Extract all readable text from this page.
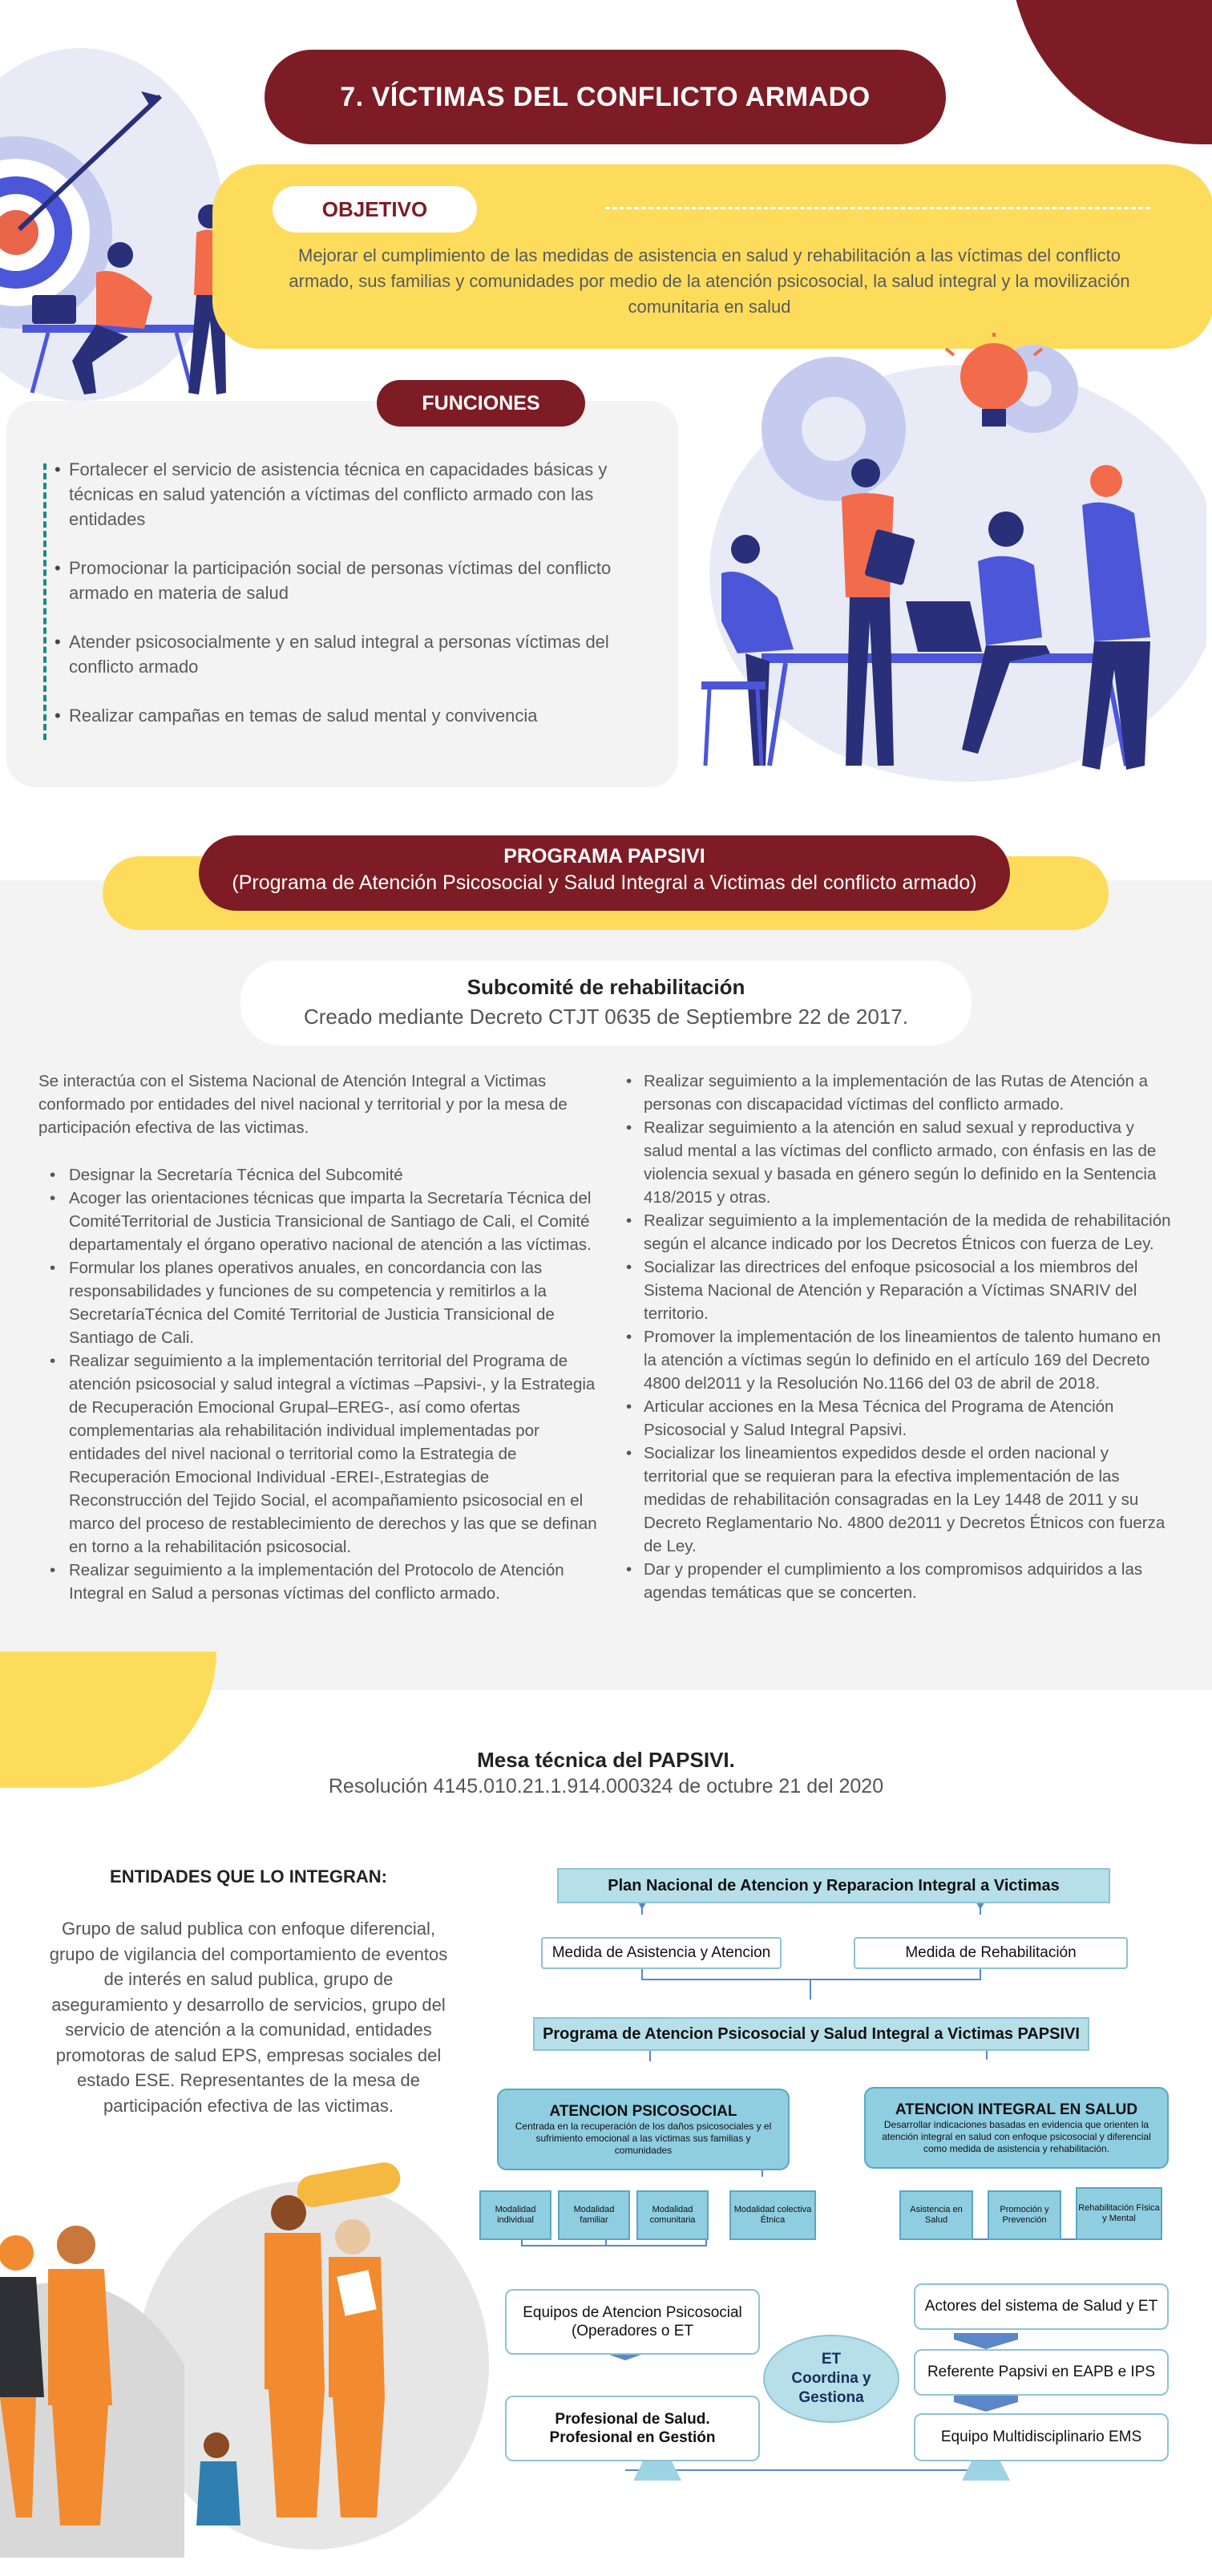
7. VÍCTIMAS DEL CONFLICTO ARMADO
OBJETIVO
Mejorar el cumplimiento de las medidas de asistencia en salud y rehabilitación a las víctimas del conflicto armado, sus familias y comunidades por medio de la atención psicosocial, la salud integral y la movilización comunitaria en salud
FUNCIONES
• Fortalecer el servicio de asistencia técnica en capacidades básicas y técnicas en salud yatención a víctimas del conflicto armado con las entidades
• Promocionar la participación social de personas víctimas del conflicto armado en materia de salud
• Atender psicosocialmente y en salud integral a personas víctimas del conflicto armado
• Realizar campañas en temas de salud mental y convivencia
PROGRAMA PAPSIVI
(Programa de Atención Psicosocial y Salud Integral a Victimas del conflicto armado)
Subcomité de rehabilitación
Creado mediante Decreto CTJT 0635 de Septiembre 22 de 2017.

Se interactúa con el Sistema Nacional de Atención Integral a Victimas conformado por entidades del nivel nacional y territorial y por la mesa de participación efectiva de las victimas.

• Designar la Secretaría Técnica del Subcomité
• Acoger las orientaciones técnicas que imparta la Secretaría Técnica del ComitéTerritorial de Justicia Transicional de Santiago de Cali, el Comité departamentaly el órgano operativo nacional de atención a las víctimas.
• Formular los planes operativos anuales, en concordancia con las responsabilidades y funciones de su competencia y remitirlos a la SecretaríaTécnica del Comité Territorial de Justicia Transicional de Santiago de Cali.
• Realizar seguimiento a la implementación territorial del Programa de atención psicosocial y salud integral a víctimas –Papsivi-, y la Estrategia de Recuperación Emocional Grupal–EREG-, así como ofertas complementarias ala rehabilitación individual implementadas por entidades del nivel nacional o territorial como la Estrategia de Recuperación Emocional Individual -EREI-,Estrategias de Reconstrucción del Tejido Social, el acompañamiento psicosocial en el marco del proceso de restablecimiento de derechos y las que se definan en torno a la rehabilitación psicosocial.
• Realizar seguimiento a la implementación del Protocolo de Atención Integral en Salud a personas víctimas del conflicto armado.
• Realizar seguimiento a la implementación de las Rutas de Atención a personas con discapacidad víctimas del conflicto armado.
• Realizar seguimiento a la atención en salud sexual y reproductiva y salud mental a las víctimas del conflicto armado, con énfasis en las de violencia sexual y basada en género según lo definido en la Sentencia 418/2015 y otras.
• Realizar seguimiento a la implementación de la medida de rehabilitación según el alcance indicado por los Decretos Étnicos con fuerza de Ley.
• Socializar las directrices del enfoque psicosocial a los miembros del Sistema Nacional de Atención y Reparación a Víctimas SNARIV del territorio.
• Promover la implementación de los lineamientos de talento humano en la atención a víctimas según lo definido en el artículo 169 del Decreto 4800 del2011 y la Resolución No.1166 del 03 de abril de 2018.
• Articular acciones en la Mesa Técnica del Programa de Atención Psicosocial y Salud Integral Papsivi.
• Socializar los lineamientos expedidos desde el orden nacional y territorial que se requieran para la efectiva implementación de las medidas de rehabilitación consagradas en la Ley 1448 de 2011 y su Decreto Reglamentario No. 4800 de2011 y Decretos Étnicos con fuerza de Ley.
• Dar y propender el cumplimiento a los compromisos adquiridos a las agendas temáticas que se concerten.
Mesa técnica del PAPSIVI.
Resolución 4145.010.21.1.914.000324 de octubre 21 del 2020
ENTIDADES QUE LO INTEGRAN:
Grupo de salud publica con enfoque diferencial, grupo de vigilancia del comportamiento de eventos de interés en salud publica, grupo de aseguramiento y desarrollo de servicios, grupo del servicio de atención a la comunidad, entidades promotoras de salud EPS, empresas sociales del estado ESE. Representantes de la mesa de participación efectiva de las victimas.
Plan Nacional de Atencion y Reparacion Integral a Victimas
Medida de Asistencia y Atencion	Medida de Rehabilitación
Programa de Atencion Psicosocial y Salud Integral a Victimas PAPSIVI
ATENCION PSICOSOCIAL
Centrada en la recuperación de los daños psicosociales y el sufrimiento emocional a las víctimas sus familias y comunidades
ATENCION INTEGRAL EN SALUD
Desarrollar indicaciones basadas en evidencia que orienten la atención integral en salud con enfoque psicosocial y diferencial como medida de asistencia y rehabilitación.
Modalidad individual
Modalidad familiar
Modalidad comunitaria
Modalidad colectiva Étnica
Asistencia en Salud
Promoción y Prevención
Rehabilitación Física y Mental
Equipos de Atencion Psicosocial (Operadores o ET
Profesional de Salud. Profesional en Gestión
ET Coordina y Gestiona
Actores del sistema de Salud y ET
Referente Papsivi en EAPB e IPS
Equipo Multidisciplinario EMS
